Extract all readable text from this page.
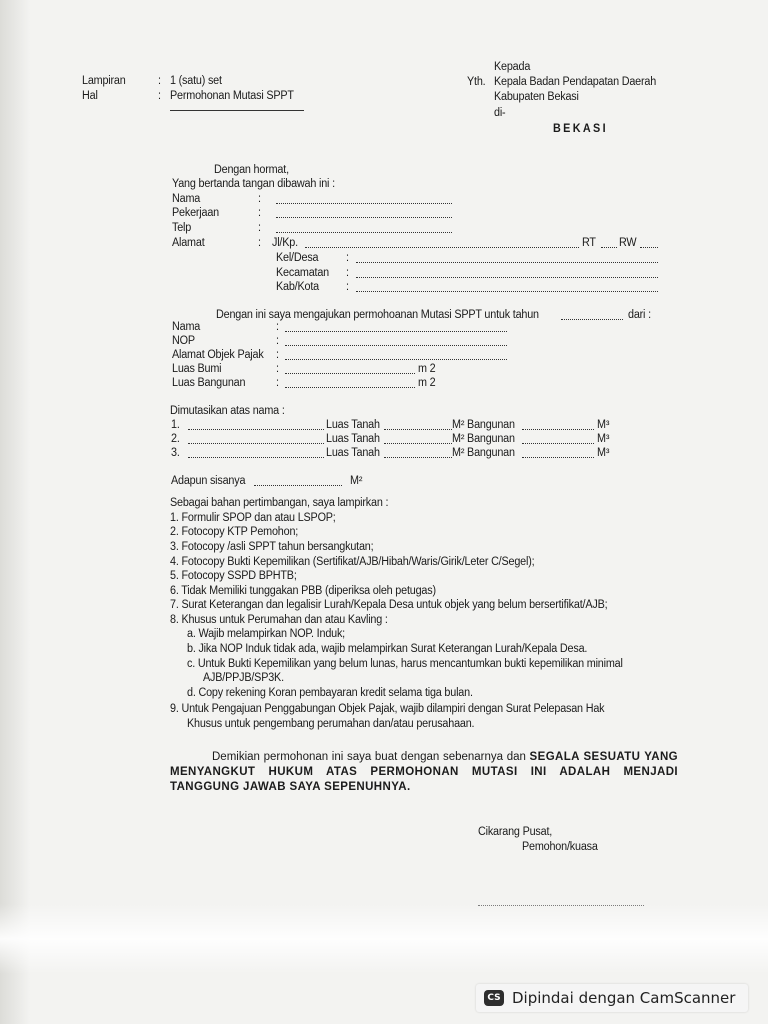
Lampiran	: 1 (satu) set
Hal	: Permohonan Mutasi SPPT
Kepada
Yth. Kepala Badan Pendapatan Daerah
Kabupaten Bekasi
di-
BEKASI
Dengan hormat,
Yang bertanda tangan dibawah ini :
Nama	:
Pekerjaan	:
Telp	:
Alamat	: Jl/Kp.	RT RW
Kel/Desa :
Kecamatan :
Kab/Kota :
Dengan ini saya mengajukan permohoanan Mutasi SPPT untuk tahun	dari :
Nama	:
NOP	:
Alamat Objek Pajak :
Luas Bumi	:	m 2
Luas Bangunan	:	m 2
Dimutasikan atas nama :
1.	Luas Tanah	M² Bangunan	M³
2.	Luas Tanah	M² Bangunan	M³
3.	Luas Tanah	M² Bangunan	M³
Adapun sisanya	M²
Sebagai bahan pertimbangan, saya lampirkan :
1. Formulir SPOP dan atau LSPOP;
2. Fotocopy KTP Pemohon;
3. Fotocopy /asli SPPT tahun bersangkutan;
4. Fotocopy Bukti Kepemilikan (Sertifikat/AJB/Hibah/Waris/Girik/Leter C/Segel);
5. Fotocopy SSPD BPHTB;
6. Tidak Memiliki tunggakan PBB (diperiksa oleh petugas)
7. Surat Keterangan dan legalisir Lurah/Kepala Desa untuk objek yang belum bersertifikat/AJB;
8. Khusus untuk Perumahan dan atau Kavling :
a. Wajib melampirkan NOP. Induk;
b. Jika NOP Induk tidak ada, wajib melampirkan Surat Keterangan Lurah/Kepala Desa.
c. Untuk Bukti Kepemilikan yang belum lunas, harus mencantumkan bukti kepemilikan minimal
AJB/PPJB/SP3K.
d. Copy rekening Koran pembayaran kredit selama tiga bulan.
9. Untuk Pengajuan Penggabungan Objek Pajak, wajib dilampiri dengan Surat Pelepasan Hak
Khusus untuk pengembang perumahan dan/atau perusahaan.
Demikian permohonan ini saya buat dengan sebenarnya dan SEGALA SESUATU YANG MENYANGKUT HUKUM ATAS PERMOHONAN MUTASI INI ADALAH MENJADI TANGGUNG JAWAB SAYA SEPENUHNYA.
Cikarang Pusat,
Pemohon/kuasa
CS Dipindai dengan CamScanner
